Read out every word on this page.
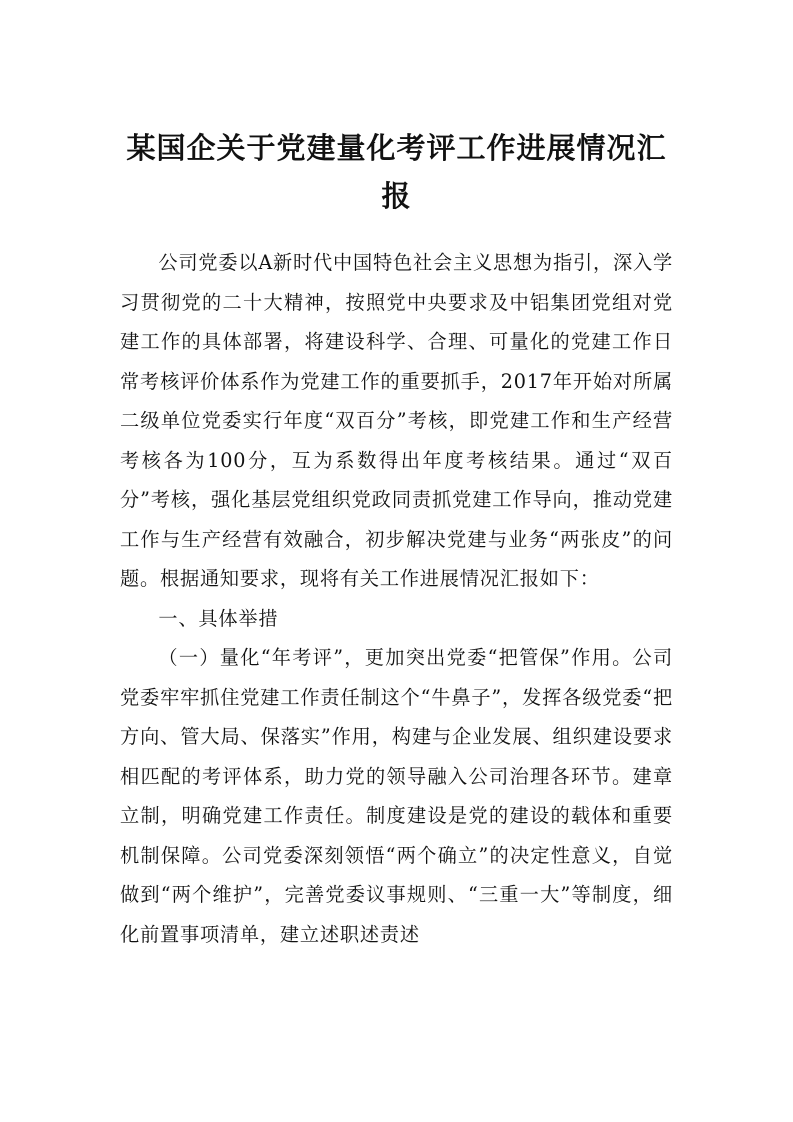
某国企关于党建量化考评工作进展情况汇报

公司党委以A新时代中国特色社会主义思想为指引，深入学习贯彻党的二十大精神，按照党中央要求及中铝集团党组对党建工作的具体部署，将建设科学、合理、可量化的党建工作日常考核评价体系作为党建工作的重要抓手，2017年开始对所属二级单位党委实行年度“双百分”考核，即党建工作和生产经营考核各为100分，互为系数得出年度考核结果。通过“双百分”考核，强化基层党组织党政同责抓党建工作导向，推动党建工作与生产经营有效融合，初步解决党建与业务“两张皮”的问题。根据通知要求，现将有关工作进展情况汇报如下：

一、具体举措

（一）量化“年考评”，更加突出党委“把管保”作用。公司党委牢牢抓住党建工作责任制这个“牛鼻子”，发挥各级党委“把方向、管大局、保落实”作用，构建与企业发展、组织建设要求相匹配的考评体系，助力党的领导融入公司治理各环节。建章立制，明确党建工作责任。制度建设是党的建设的载体和重要机制保障。公司党委深刻领悟“两个确立”的决定性意义，自觉做到“两个维护”，完善党委议事规则、“三重一大”等制度，细化前置事项清单，建立述职述责述
